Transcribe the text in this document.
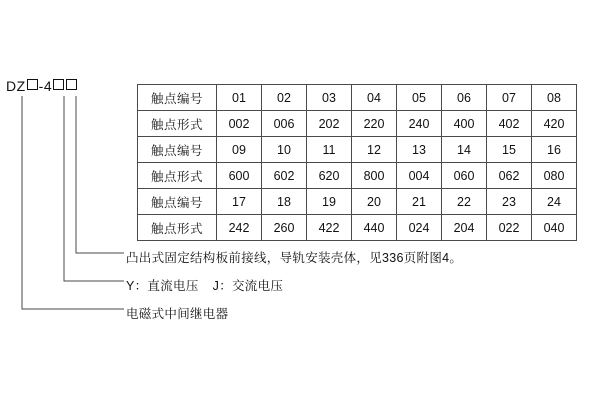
DZ -4
触点编号	01	02	03	04	05	06	07	08
触点形式	002	006	202	220	240	400	402	420
触点编号	09	10	11	12	13	14	15	16
触点形式	600	602	620	800	004	060	062	080
触点编号	17	18	19	20	21	22	23	24
触点形式	242	260	422	440	024	204	022	040
凸出式固定结构板前接线，导轨安装壳体，见336页附图4。
Y：直流电压 J：交流电压
电磁式中间继电器
